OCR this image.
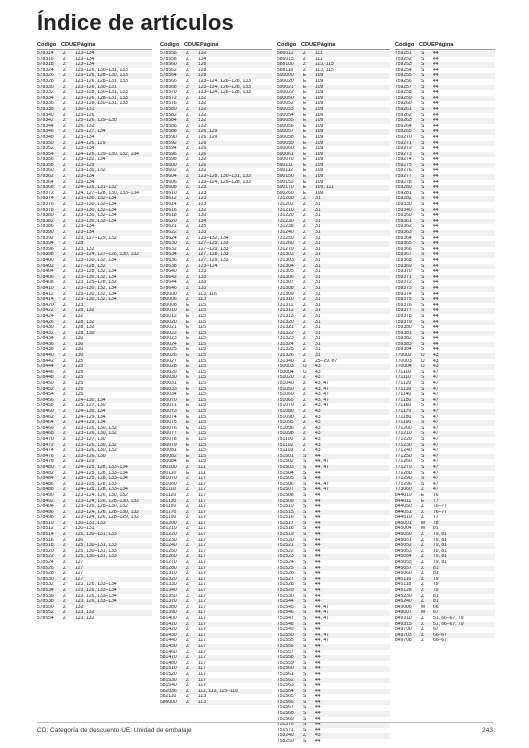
Índice de artículos
Código CDUEPágina
578314	Z	123–134
578316	Z	123–134
578318	Z	123–134
578324	Z	123–126, 130–131, 133
578326	Z	123–126, 128–130, 133
578328	Z	123–126, 128–131, 133
578330	Z	123–126, 130–131
578332	Z	123–128, 130–131, 133
578334	Z	123–126, 128–131, 133
578336	Z	123–128, 130–131, 133
578338	Z	130–131
578340	Z	123–126
578342	Z	125–126, 129–130
578344	Z	126, 132
578346	Z	125–127, 134
578348	Z	123–134
578350	Z	124–126, 129
578352	Z	123–134
578354	Z	124–126, 129–130, 132, 134
578356	Z	123–132, 134
578358	Z	123–129
578360	Z	123–130, 132
578362	Z	123–134
578364	Z	123–134
578368	Z	124–126, 131–132
578372	Z	124, 127–128, 130, 133–134
578374	Z	123–130, 132–134
578376	Z	123–130, 132–134
578378	Z	123–130, 132–134
578380	Z	123–130, 132–134
578382	Z	123–130, 132–134
578386	Z	123–134
578390	Z	123–134
578392	Z	123, 127–129, 132
578394	Z	128
578396	Z	123, 132
578398	Z	123–124, 127–128, 130, 132
578400	Z	123–130, 132, 134
578402	Z	127–128, 132
578404	Z	123–128, 132, 134
578406	Z	123–130, 132, 134
578408	Z	123, 125–128, 132
578410	Z	123–130, 132, 134
578412	Z	123–130, 132, 134
578414	Z	123–130, 132, 134
578420	Z	123
578422	Z	128, 132
578424	Z	132
578426	Z	128, 132
578430	Z	128, 132
578432	Z	128, 130
578434	Z	130
578436	Z	130
578438	Z	130
578440	Z	130
578442	Z	125
578444	Z	125
578446	Z	125
578448	Z	125
578450	Z	125
578452	Z	125
578454	Z	125
578456	Z	124–130, 134
578458	Z	125, 127, 130
578460	Z	124–130, 134
578462	Z	124–129, 134
578464	Z	124–129, 134
578466	Z	123–126, 130, 132
578468	Z	123–126, 130, 132
578470	Z	123–127, 130
578472	Z	123–126, 130, 132
578474	Z	123–126, 130, 132
578476	Z	123–126, 130
578478	Z	129–129
578480	Z	124–125, 128, 133–134
578482	Z	124–125, 128, 133–134
578484	Z	123–125, 128, 133–134
578486	Z	123–125, 128, 133
578488	Z	124–125, 128, 133–134
578490	Z	123–124, 126, 130, 132
578492	Z	123–124, 126, 128–130, 132
578494	Z	123–126, 128–130, 132
578496	Z	123–124, 126, 128–130, 132
578498	Z	123–124, 126, 128–129, 132
578510	Z	130–131, 133
578512	Z	130–131
578514	Z	125, 130–131, 133
578516	Z	130
578518	Z	125, 130–131, 133
578520	Z	125, 130–131, 133
578522	Z	125, 130–131, 133
578524	Z	127
578526	Z	127
578528	Z	127
578530	Z	127
578532	Z	123, 126, 133–134
578534	Z	123, 126, 133–134
578536	Z	123, 126, 133–134
578538	Z	123, 126, 133–134
578550	Z	132
578552	Z	123, 132
578554	Z	123, 132
Código CDUEPágina
578556	Z	132
578558	Z	134
578560	Z	128
578562	Z	128
578564	Z	128
578566	Z	123–124, 126–128, 133
578568	Z	123–124, 126–128, 133
578570	Z	123–124, 126–128, 133
578572	Z	132
578576	Z	132
578580	Z	132
578582	Z	132
578584	Z	132
578586	Z	132
578588	Z	126, 129
578590	Z	126, 129
578592	Z	126
578594	Z	126
578596	Z	126
578598	Z	132
578600	Z	126
578602	Z	132
578604	Z	123–128, 130–131, 133
578606	Z	123–124, 126–128, 133
578608	Z	123
578610	Z	123
578612	Z	123
578614	Z	123
578616	Z	132
578618	Z	130
578620	Z	134
578621	Z	135
578622	Z	133
578624	Z	123–132, 134
578630	Z	127–129, 133
578632	Z	127–129, 133
578634	Z	127, 128, 133
578636	Z	127, 129, 133
578638	Z	123–124
578640	Z	133
578642	Z	133
578644	Z	133
578646	Z	133
580000	Z	113, 116
580006	Z	113
580008	E	115
580010	E	115
580012	E	115
580020	E	115
580021	E	115
580022	E	115
580023	E	115
580024	E	115
580025	E	115
580026	E	115
580027	E	115
580028	E	115
580029	E	115
580030	E	115
580031	E	115
580033	E	115
580034	E	115
580070	E	115
580071	E	115
580073	E	115
580074	E	115
580075	E	115
580076	E	115
580077	E	115
580078	E	115
580079	E	115
580081	E	115
580082	E	115
580084	E	115
580100	Z	111
580110	E	111
581070	Z	117
581080	Z	117
581110	Z	117
581120	Z	117
581130	Z	117
581150	Z	117
581170	Z	117
581190	Z	117
581200	Z	117
581210	Z	117
581220	Z	117
581230	Z	117
581240	Z	117
581250	Z	117
581260	Z	117
581270	Z	117
581280	Z	117
581310	Z	117
581320	Z	117
581330	Z	117
581340	Z	117
581350	Z	117
581370	Z	117
581380	Z	117
581390	Z	117
581400	Z	117
581410	Z	117
581420	Z	117
581430	Z	117
581440	Z	117
581450	Z	117
581460	Z	117
581470	Z	117
581480	Z	117
581510	Z	117
581520	Z	117
581530	Z	117
581540	Z	117
582036	Z	111, 113, 115–116
582110	Z	113
586000	Z	113
Código CDUEPágina
586012	Z	111
586015	Z	111
588100	Z	113, 115
588110	Z	113, 115
590000	E	109
590020	E	109
590021	E	109
590022	E	109
590050	E	109
590052	E	109
590053	E	109
590054	E	109
590055	E	109
590056	E	109
590057	E	109
590058	E	109
590059	E	109
590060	E	109
590061	E	109
590070	E	109
590111	E	109
590112	E	109
590150	E	109
590153	E	109
590170	E	109, 111
590260	E	109
731200	Z	31
731202	Z	31
731210	Z	31
731220	Z	31
731230	Z	31
731238	Z	31
731240	Z	31
731250	Z	31
731260	Z	31
731270	Z	31
731302	Z	31
731303	Z	31
731304	Z	31
731305	Z	31
731306	Z	31
731307	Z	31
731308	Z	31
731309	Z	31
731310	Z	31
731311	Z	31
731312	Z	31
731313	Z	31
731320	Z	31
731321	Z	31
731322	Z	31
731323	Z	31
731324	Z	31
731325	Z	31
731326	Z	31
731340	Z	25–29, 87
750003	U	43
750004	U	43
751020	Z	43
751040	Z	43, 47
751050	Z	43, 47
751060	Z	43, 47
751065	Z	43, 47
751070	Z	43, 47
751080	Z	43
751090	Z	43
751095	Z	43
751096	Z	43
751098	Z	43
751100	Z	43
751102	Z	43
751103	Z	43
751501	S	44
751502	S	44, 47
751503	S	44, 47
751504	S	44
751505	S	44
751506	S	44, 47
751507	S	44, 47
751508	S	44
751509	S	44
751510	S	44
751515	S	44
751516	S	44
751517	S	44
751518	S	44
751519	S	44
751520	S	44
751521	S	44
751522	S	44
751523	S	44
751524	S	44
751525	S	44
751526	S	44
751527	S	44
751528	S	44
751529	S	44
751530	S	44
751544	S	44
751545	S	44, 47
751546	S	44, 47
751547	S	44, 47
751548	S	44
751549	S	44
751550	S	44, 47
751555	S	44, 47
751556	S	44
751557	S	44
751558	S	44
751559	S	44
751560	S	44
751561	S	44
751562	S	44
751563	S	44
751564	S	44
751565	S	44
751566	S	44
751567	S	44
751568	S	44
751569	S	44
751570	S	44
751571	S	44
753240	Z	43
758250	S	44
Código CDUEPágina
759251	S	44
759252	S	44
759253	S	44
759254	S	44
759255	S	44
759256	S	44
759257	S	44
759258	S	44
759259	S	44
759260	S	44
759261	S	44
759262	S	44
759263	S	44
759264	S	44
759265	S	44
759270	S	44
759271	S	44
759272	S	44
759273	S	44
759274	S	44
759275	S	44
759276	S	44
759277	S	44
759278	S	44
759280	S	44
759281	S	44
759282	S	44
759330	S	44
759340	S	44
759360	S	44
759361	S	44
759362	S	44
759363	S	44
759364	S	44
759365	S	44
759366	S	44
759367	S	44
759368	S	44
759369	S	44
759370	S	44
759371	S	44
759372	S	44
759373	S	44
759374	S	44
759375	S	44
759376	S	44
759377	S	44
759378	S	44
759379	S	44
759380	S	44
759381	S	44
759382	S	44
759383	S	44
759384	S	44
770002	U	43
770003	U	43
770004	U	43
771100	S	47
771110	S	47
771120	S	47
771130	S	47
771140	S	47
771150	S	47
771160	S	47
771170	S	47
771180	S	47
771190	S	47
771200	S	47
771210	S	47
771220	S	47
771230	S	47
771240	S	47
771250	S	47
771260	S	47
771270	S	47
771280	S	47
771290	S	47
771296	S	47
773060	Z	47
844010	E	76
844011	E	77
844050	Z	76–77
844051	Z	76–77
844510	Z	77
845001	M	78
845004	M	81
845050	Z	79, 81
845051	Z	79, 81
845052	Z	79, 81
845053	Z	79, 81
845054	Z	79, 81
845055	Z	79, 81
845057	Z	81
845060	Z	81
845110	Z	79
845118	Z	79
845128	Z	79
845230	Z	81
845240	Z	81
849006	M	66
849007	M	67
849310	Z	51, 66–67, 79
849315	Z	51, 66–67, 79
849700	Z	67
849703	Z	66–67
849708	Z	66–67
CD: Categoría de descuento UE: Unidad de embalaje	243
